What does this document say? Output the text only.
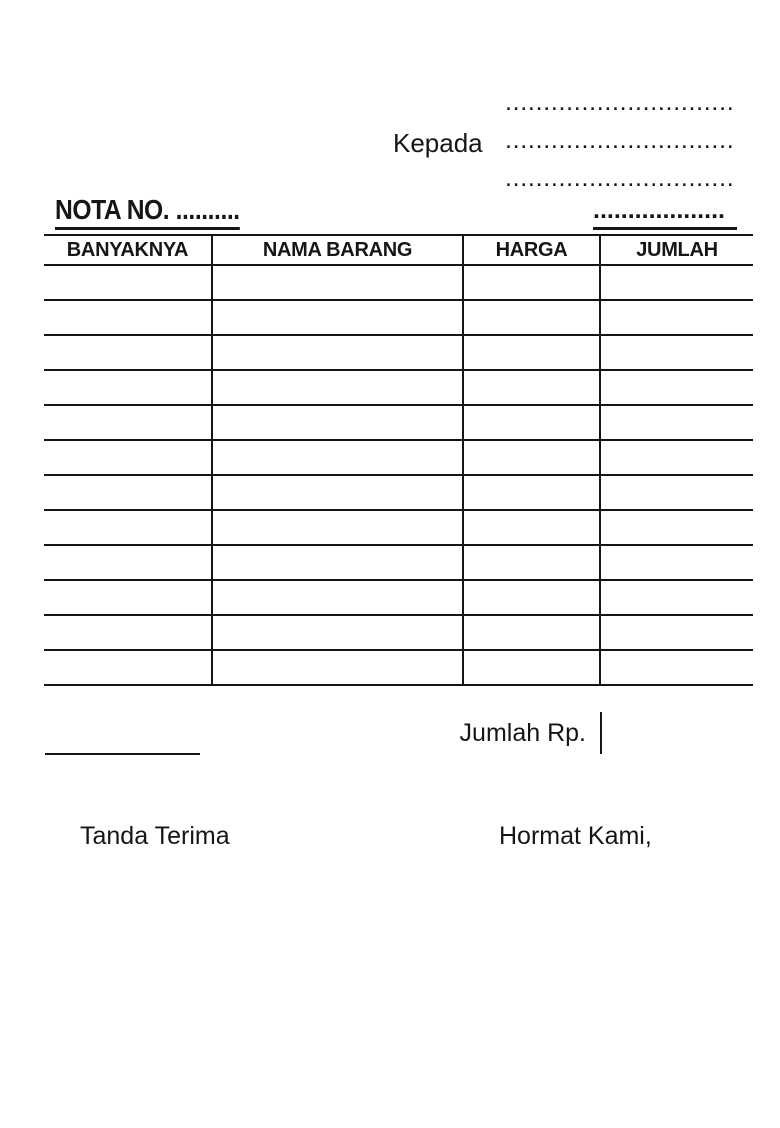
Kepada
..............................
..............................
..............................
NOTA NO. ..........	...................
BANYAKNYA	NAMA BARANG	HARGA	JUMLAH

Jumlah Rp.
Tanda Terima	Hormat Kami,
